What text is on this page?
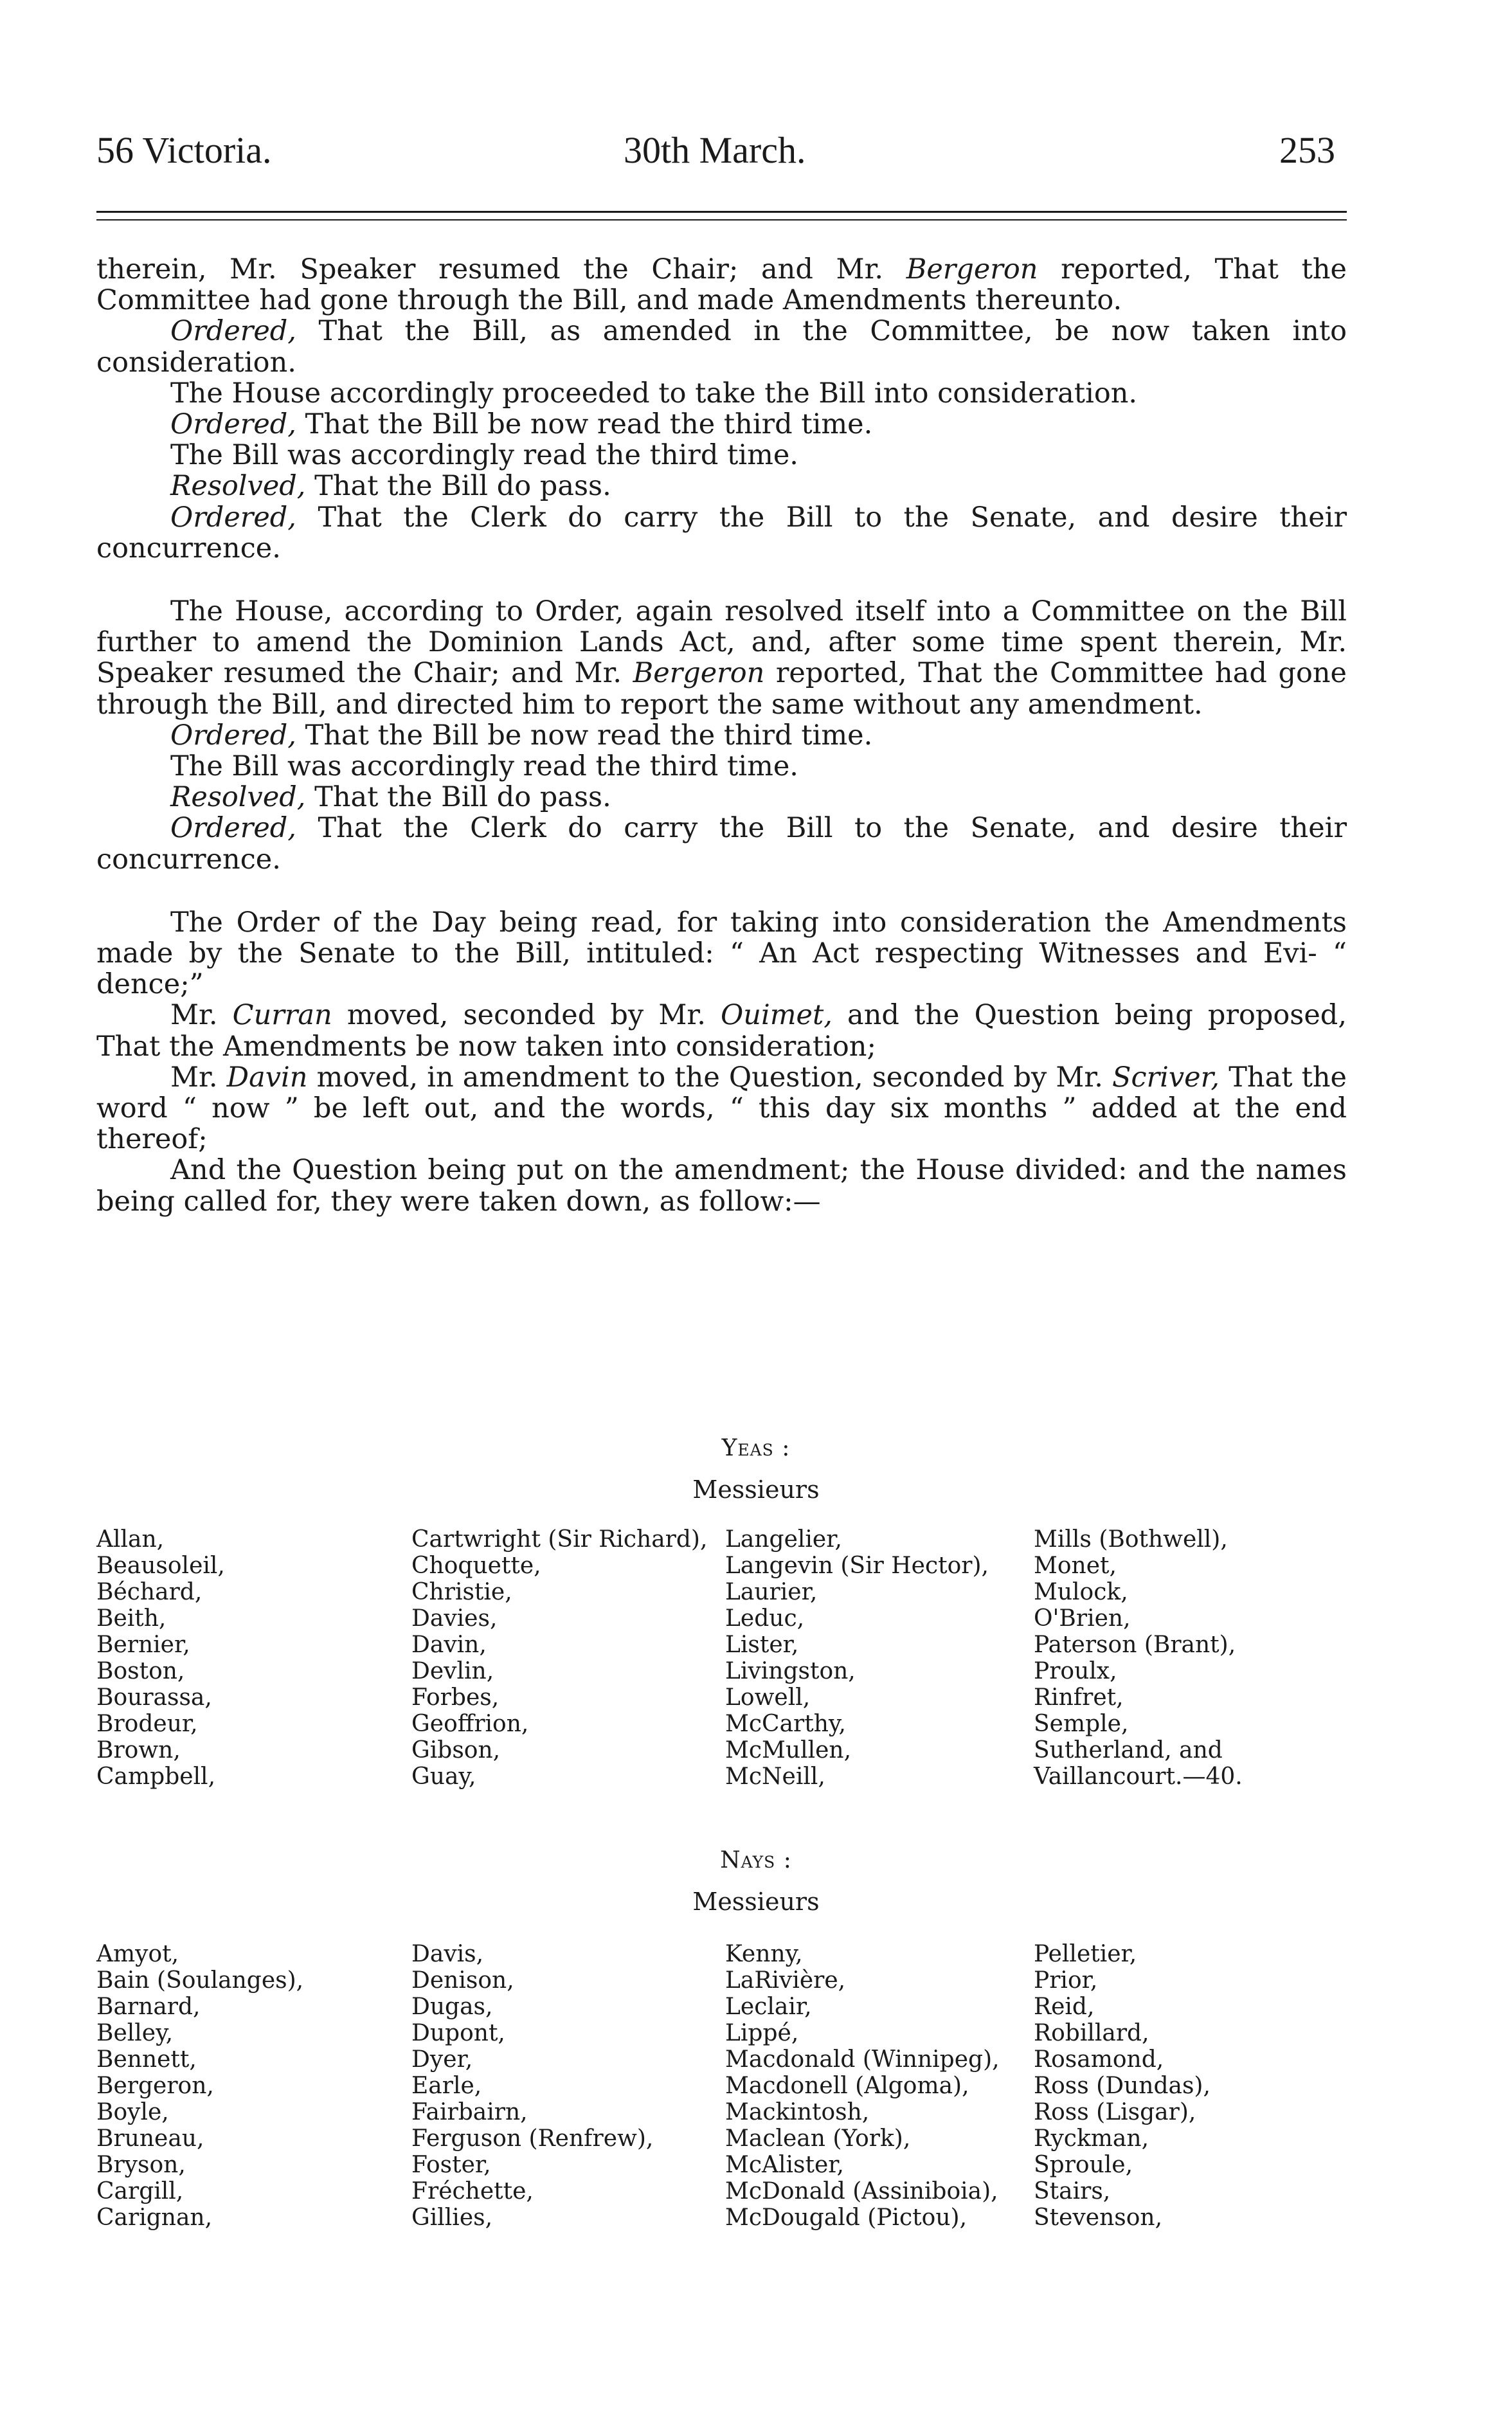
56 Victoria.	30th March.	253

therein, Mr. Speaker resumed the Chair; and Mr. Bergeron reported, That the Committee had gone through the Bill, and made Amendments thereunto.

Ordered, That the Bill, as amended in the Committee, be now taken into consideration.

The House accordingly proceeded to take the Bill into consideration.

Ordered, That the Bill be now read the third time.

The Bill was accordingly read the third time.

Resolved, That the Bill do pass.

Ordered, That the Clerk do carry the Bill to the Senate, and desire their concurrence.

The House, according to Order, again resolved itself into a Committee on the Bill further to amend the Dominion Lands Act, and, after some time spent therein, Mr. Speaker resumed the Chair; and Mr. Bergeron reported, That the Committee had gone through the Bill, and directed him to report the same without any amendment.

Ordered, That the Bill be now read the third time.

The Bill was accordingly read the third time.

Resolved, That the Bill do pass.

Ordered, That the Clerk do carry the Bill to the Senate, and desire their concurrence.

The Order of the Day being read, for taking into consideration the Amendments made by the Senate to the Bill, intituled: “ An Act respecting Witnesses and Evi- “ dence;”

Mr. Curran moved, seconded by Mr. Ouimet, and the Question being proposed, That the Amendments be now taken into consideration;

Mr. Davin moved, in amendment to the Question, seconded by Mr. Scriver, That the word “ now ” be left out, and the words, “ this day six months ” added at the end thereof;

And the Question being put on the amendment; the House divided: and the names being called for, they were taken down, as follow:—

Yeas :
Messieurs
Allan,
Beausoleil,
Béchard,
Beith,
Bernier,
Boston,
Bourassa,
Brodeur,
Brown,
Campbell,
Cartwright (Sir Richard),
Choquette,
Christie,
Davies,
Davin,
Devlin,
Forbes,
Geoffrion,
Gibson,
Guay,
Langelier,
Langevin (Sir Hector),
Laurier,
Leduc,
Lister,
Livingston,
Lowell,
McCarthy,
McMullen,
McNeill,
Mills (Bothwell),
Monet,
Mulock,
O'Brien,
Paterson (Brant),
Proulx,
Rinfret,
Semple,
Sutherland, and
Vaillancourt.—40.
Nays :
Messieurs
Amyot,
Bain (Soulanges),
Barnard,
Belley,
Bennett,
Bergeron,
Boyle,
Bruneau,
Bryson,
Cargill,
Carignan,
Davis,
Denison,
Dugas,
Dupont,
Dyer,
Earle,
Fairbairn,
Ferguson (Renfrew),
Foster,
Fréchette,
Gillies,
Kenny,
LaRivière,
Leclair,
Lippé,
Macdonald (Winnipeg),
Macdonell (Algoma),
Mackintosh,
Maclean (York),
McAlister,
McDonald (Assiniboia),
McDougald (Pictou),
Pelletier,
Prior,
Reid,
Robillard,
Rosamond,
Ross (Dundas),
Ross (Lisgar),
Ryckman,
Sproule,
Stairs,
Stevenson,
